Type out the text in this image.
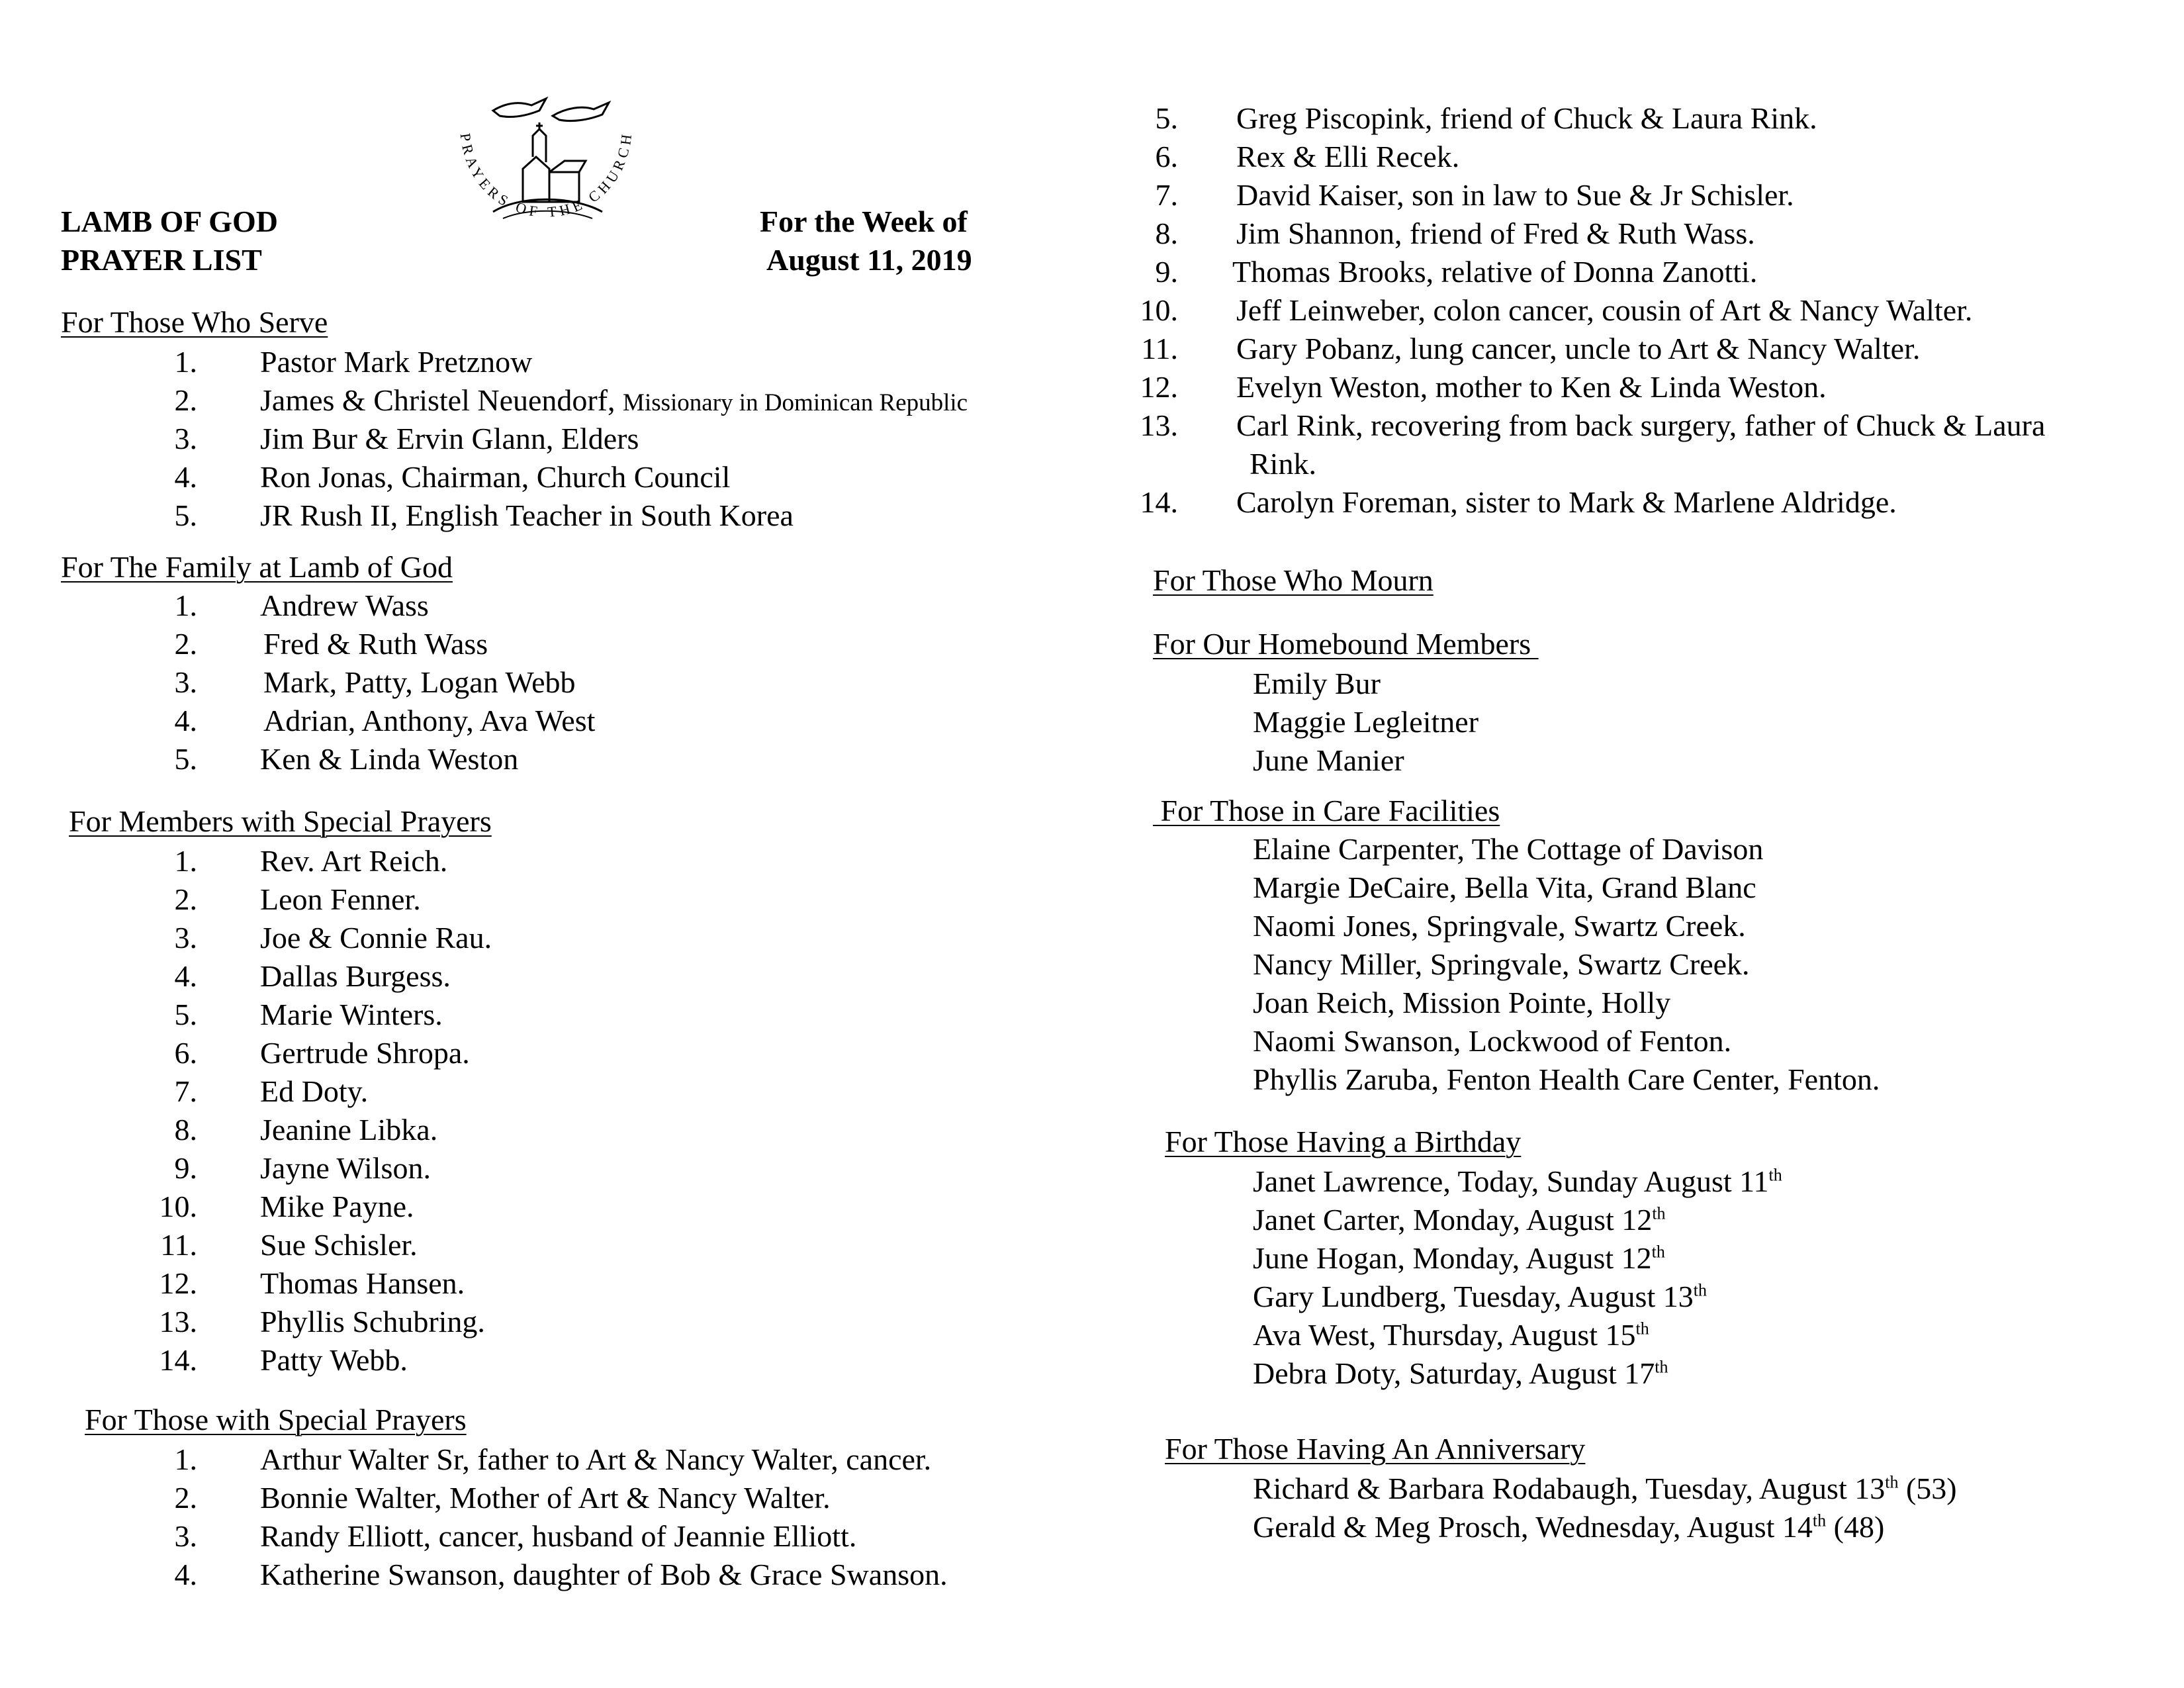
LAMB OF GOD
PRAYER LIST
For the Week of
August 11, 2019
PRAYERS OF THE CHURCH
For Those Who Serve
1. Pastor Mark Pretznow
2. James & Christel Neuendorf, Missionary in Dominican Republic
3. Jim Bur & Ervin Glann, Elders
4. Ron Jonas, Chairman, Church Council
5. JR Rush II, English Teacher in South Korea
For The Family at Lamb of God
1. Andrew Wass
2. Fred & Ruth Wass
3. Mark, Patty, Logan Webb
4. Adrian, Anthony, Ava West
5. Ken & Linda Weston
For Members with Special Prayers
1. Rev. Art Reich.
2. Leon Fenner.
3. Joe & Connie Rau.
4. Dallas Burgess.
5. Marie Winters.
6. Gertrude Shropa.
7. Ed Doty.
8. Jeanine Libka.
9. Jayne Wilson.
10. Mike Payne.
11. Sue Schisler.
12. Thomas Hansen.
13. Phyllis Schubring.
14. Patty Webb.
For Those with Special Prayers
1. Arthur Walter Sr, father to Art & Nancy Walter, cancer.
2. Bonnie Walter, Mother of Art & Nancy Walter.
3. Randy Elliott, cancer, husband of Jeannie Elliott.
4. Katherine Swanson, daughter of Bob & Grace Swanson.
5. Greg Piscopink, friend of Chuck & Laura Rink.
6. Rex & Elli Recek.
7. David Kaiser, son in law to Sue & Jr Schisler.
8. Jim Shannon, friend of Fred & Ruth Wass.
9. Thomas Brooks, relative of Donna Zanotti.
10. Jeff Leinweber, colon cancer, cousin of Art & Nancy Walter.
11. Gary Pobanz, lung cancer, uncle to Art & Nancy Walter.
12. Evelyn Weston, mother to Ken & Linda Weston.
13. Carl Rink, recovering from back surgery, father of Chuck & Laura
Rink.
14. Carolyn Foreman, sister to Mark & Marlene Aldridge.
For Those Who Mourn
For Our Homebound Members
Emily Bur
Maggie Legleitner
June Manier
For Those in Care Facilities
Elaine Carpenter, The Cottage of Davison
Margie DeCaire, Bella Vita, Grand Blanc
Naomi Jones, Springvale, Swartz Creek.
Nancy Miller, Springvale, Swartz Creek.
Joan Reich, Mission Pointe, Holly
Naomi Swanson, Lockwood of Fenton.
Phyllis Zaruba, Fenton Health Care Center, Fenton.
For Those Having a Birthday
Janet Lawrence, Today, Sunday August 11th
Janet Carter, Monday, August 12th
June Hogan, Monday, August 12th
Gary Lundberg, Tuesday, August 13th
Ava West, Thursday, August 15th
Debra Doty, Saturday, August 17th
For Those Having An Anniversary
Richard & Barbara Rodabaugh, Tuesday, August 13th (53)
Gerald & Meg Prosch, Wednesday, August 14th (48)
